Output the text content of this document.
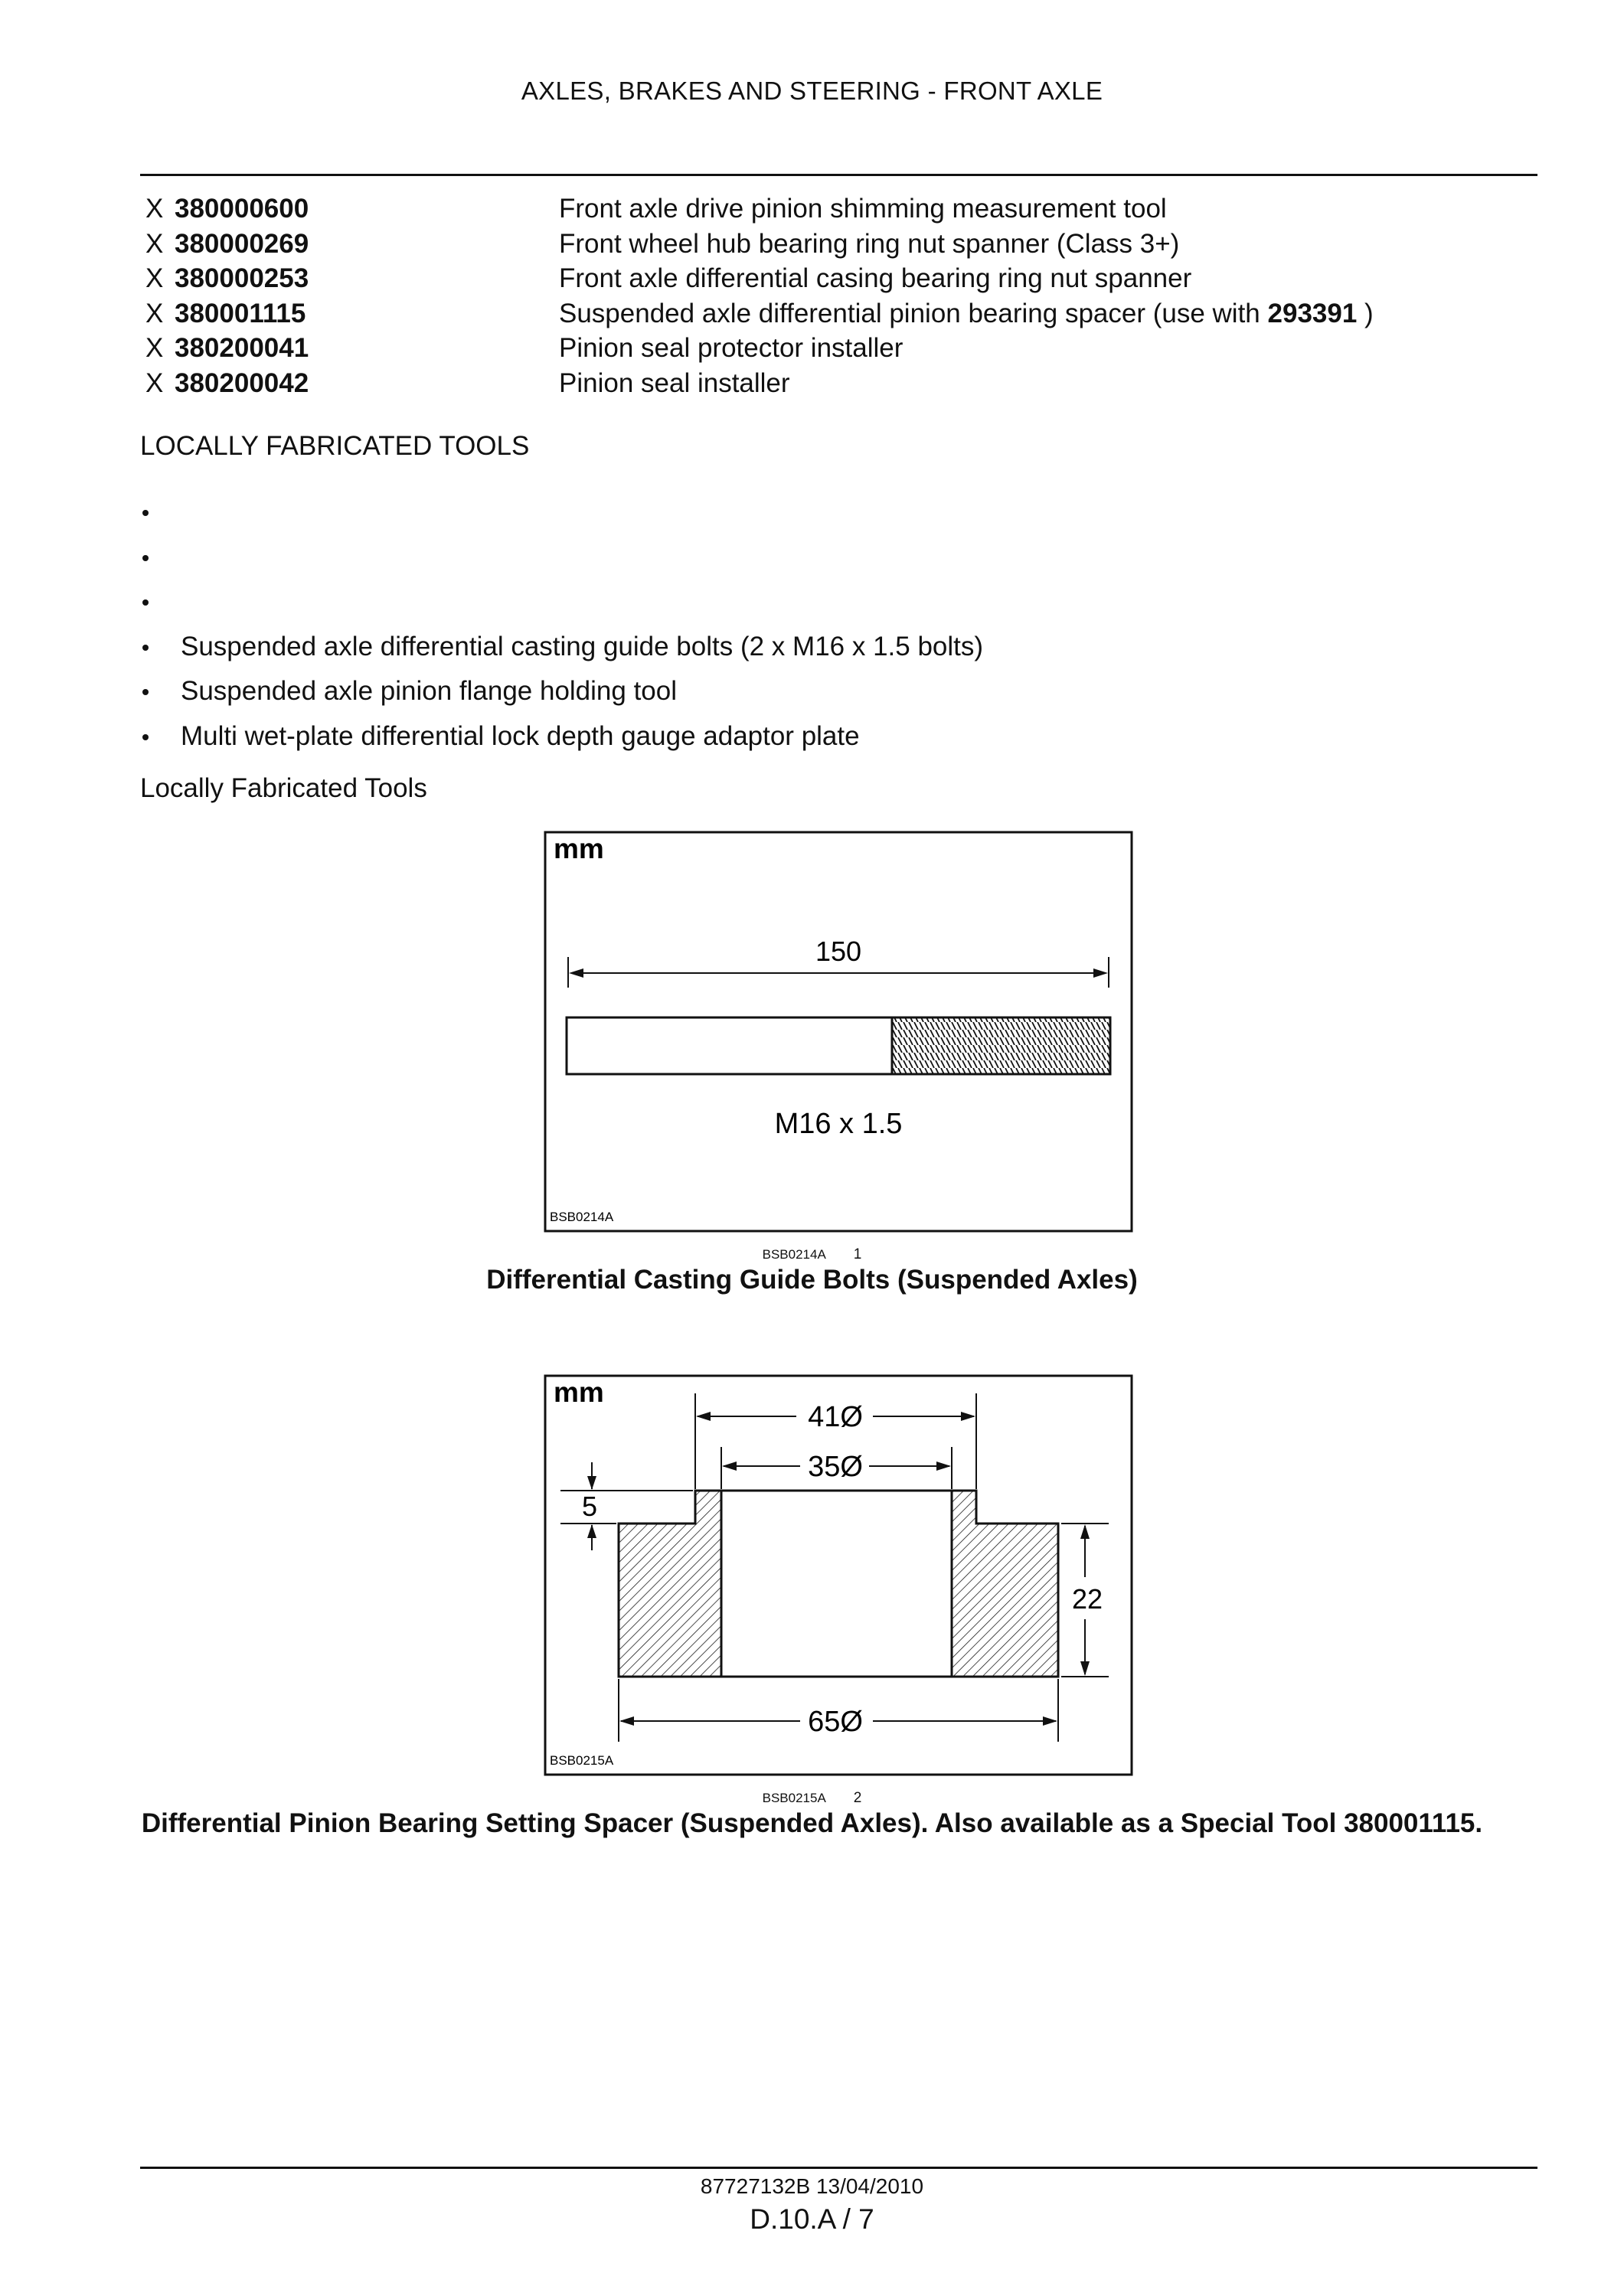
AXLES, BRAKES AND STEERING - FRONT AXLE
X 380000600	Front axle drive pinion shimming measurement tool
X 380000269	Front wheel hub bearing ring nut spanner (Class 3+)
X 380000253	Front axle differential casing bearing ring nut spanner
X 380001115	Suspended axle differential pinion bearing spacer (use with 293391 )
X 380200041	Pinion seal protector installer
X 380200042	Pinion seal installer
LOCALLY FABRICATED TOOLS
Suspended axle differential casting guide bolts (2 x M16 x 1.5 bolts)
Suspended axle pinion flange holding tool
Multi wet-plate differential lock depth gauge adaptor plate
Locally Fabricated Tools
mm
150
M16 x 1.5
BSB0214A
BSB0214A 1
Differential Casting Guide Bolts (Suspended Axles)
mm
41Ø
35Ø
5
22
65Ø
BSB0215A
BSB0215A 2
Differential Pinion Bearing Setting Spacer (Suspended Axles). Also available as a Special Tool 380001115.
87727132B 13/04/2010
D.10.A / 7
